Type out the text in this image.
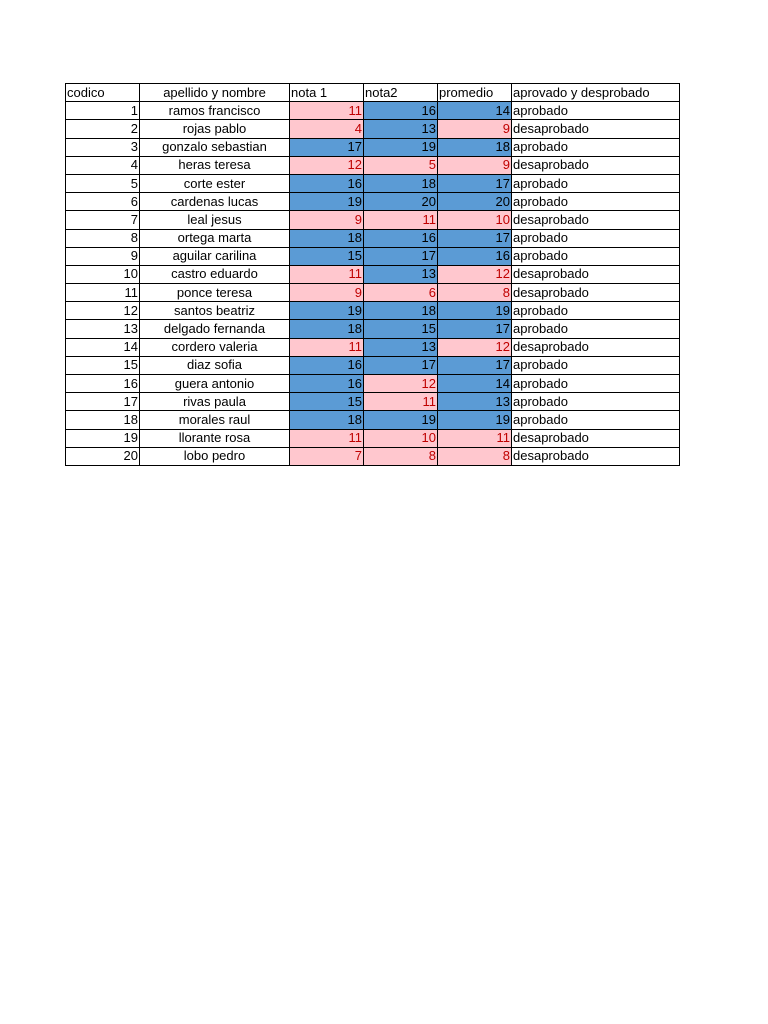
codico	apellido y nombre	nota 1	nota2	promedio	aprovado y desprobado
1	ramos francisco	11	16	14	aprobado
2	rojas pablo	4	13	9	desaprobado
3	gonzalo sebastian	17	19	18	aprobado
4	heras teresa	12	5	9	desaprobado
5	corte ester	16	18	17	aprobado
6	cardenas lucas	19	20	20	aprobado
7	leal jesus	9	11	10	desaprobado
8	ortega marta	18	16	17	aprobado
9	aguilar carilina	15	17	16	aprobado
10	castro eduardo	11	13	12	desaprobado
11	ponce teresa	9	6	8	desaprobado
12	santos beatriz	19	18	19	aprobado
13	delgado fernanda	18	15	17	aprobado
14	cordero valeria	11	13	12	desaprobado
15	diaz sofia	16	17	17	aprobado
16	guera antonio	16	12	14	aprobado
17	rivas paula	15	11	13	aprobado
18	morales raul	18	19	19	aprobado
19	llorante rosa	11	10	11	desaprobado
20	lobo pedro	7	8	8	desaprobado
